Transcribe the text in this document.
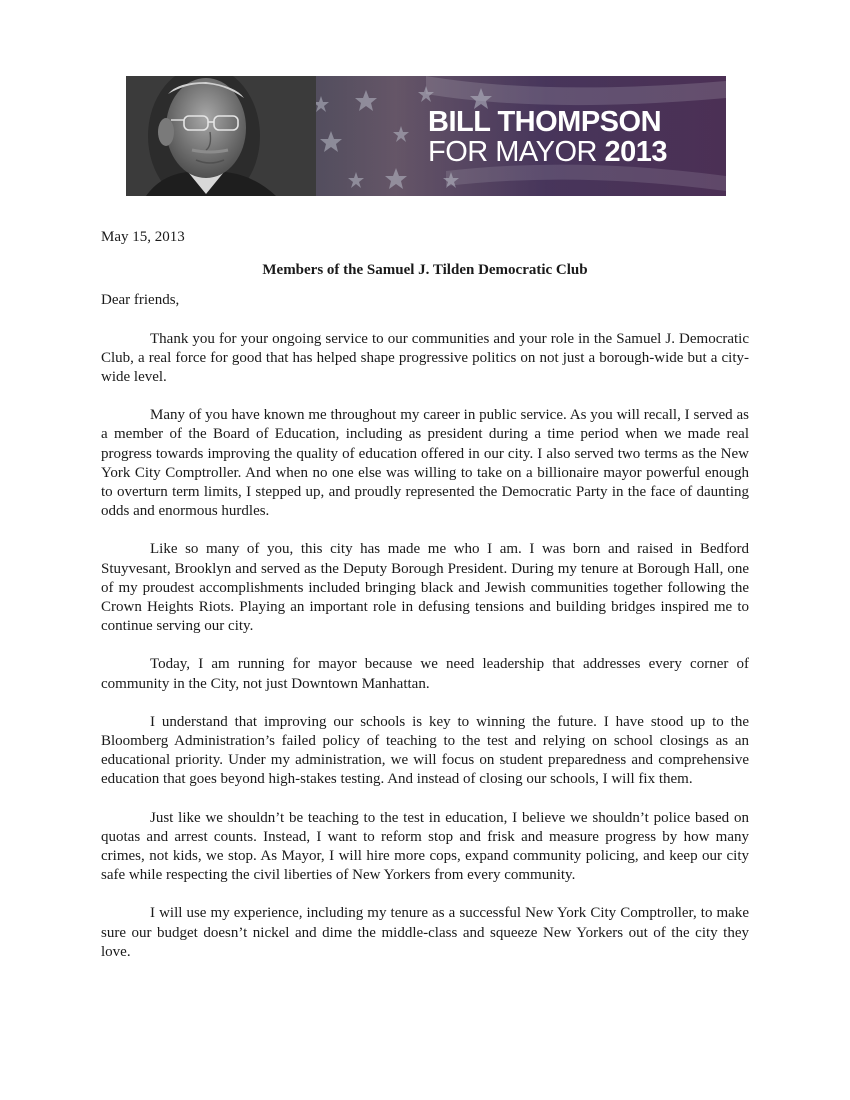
BILL THOMPSON
FOR MAYOR 2013

May 15, 2013

Members of the Samuel J. Tilden Democratic Club

Dear friends,

Thank you for your ongoing service to our communities and your role in the Samuel J. Democratic Club, a real force for good that has helped shape progressive politics on not just a borough-wide but a city-wide level.

Many of you have known me throughout my career in public service. As you will recall, I served as a member of the Board of Education, including as president during a time period when we made real progress towards improving the quality of education offered in our city. I also served two terms as the New York City Comptroller. And when no one else was willing to take on a billionaire mayor powerful enough to overturn term limits, I stepped up, and proudly represented the Democratic Party in the face of daunting odds and enormous hurdles.

Like so many of you, this city has made me who I am. I was born and raised in Bedford Stuyvesant, Brooklyn and served as the Deputy Borough President. During my tenure at Borough Hall, one of my proudest accomplishments included bringing black and Jewish communities together following the Crown Heights Riots. Playing an important role in defusing tensions and building bridges inspired me to continue serving our city.

Today, I am running for mayor because we need leadership that addresses every corner of community in the City, not just Downtown Manhattan.

I understand that improving our schools is key to winning the future. I have stood up to the Bloomberg Administration’s failed policy of teaching to the test and relying on school closings as an educational priority. Under my administration, we will focus on student preparedness and comprehensive education that goes beyond high-stakes testing. And instead of closing our schools, I will fix them.

Just like we shouldn’t be teaching to the test in education, I believe we shouldn’t police based on quotas and arrest counts. Instead, I want to reform stop and frisk and measure progress by how many crimes, not kids, we stop. As Mayor, I will hire more cops, expand community policing, and keep our city safe while respecting the civil liberties of New Yorkers from every community.

I will use my experience, including my tenure as a successful New York City Comptroller, to make sure our budget doesn’t nickel and dime the middle-class and squeeze New Yorkers out of the city they love.
